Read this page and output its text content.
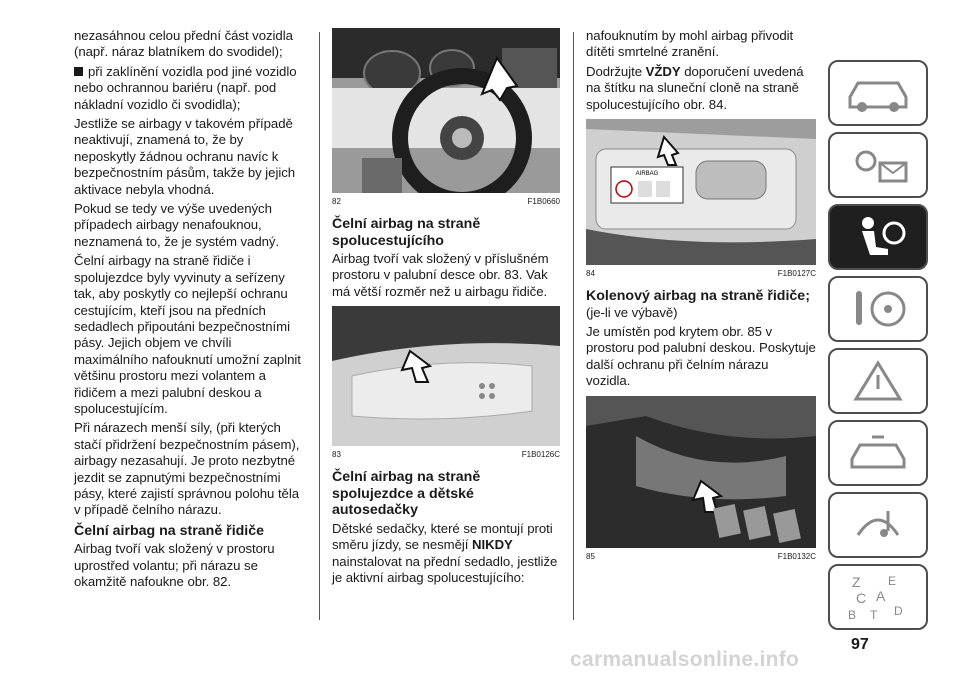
nezasáhnou celou přední část vozidla (např. náraz blatníkem do svodidel);

při zaklínění vozidla pod jiné vozidlo nebo ochrannou bariéru (např. pod nákladní vozidlo či svodidla);

Jestliže se airbagy v takovém případě neaktivují, znamená to, že by neposkytly žádnou ochranu navíc k bezpečnostním pásům, takže by jejich aktivace nebyla vhodná.

Pokud se tedy ve výše uvedených případech airbagy nenafouknou, neznamená to, že je systém vadný.

Čelní airbagy na straně řidiče i spolujezdce byly vyvinuty a seřízeny tak, aby poskytly co nejlepší ochranu cestujícím, kteří jsou na předních sedadlech připoutáni bezpečnostními pásy. Jejich objem ve chvíli maximálního nafouknutí umožní zaplnit většinu prostoru mezi volantem a řidičem a mezi palubní deskou a spolucestujícím.

Při nárazech menší síly, (při kterých stačí přidržení bezpečnostním pásem), airbagy nezasahují. Je proto nezbytné jezdit se zapnutými bezpečnostními pásy, které zajistí správnou polohu těla v případě čelního nárazu.

Čelní airbag na straně řidiče

Airbag tvoří vak složený v prostoru uprostřed volantu; při nárazu se okamžitě nafoukne obr. 82.

82	F1B0660
Čelní airbag na straně spolucestujícího

Airbag tvoří vak složený v příslušném prostoru v palubní desce obr. 83. Vak má větší rozměr než u airbagu řidiče.

83	F1B0126C
Čelní airbag na straně spolujezdce a dětské autosedačky

Dětské sedačky, které se montují proti směru jízdy, se nesmějí NIKDY nainstalovat na přední sedadlo, jestliže je aktivní airbag spolucestujícího:

nafouknutím by mohl airbag přivodit dítěti smrtelné zranění.

Dodržujte VŽDY doporučení uvedená na štítku na sluneční cloně na straně spolucestujícího obr. 84.

AIRBAG
84	F1B0127C
Kolenový airbag na straně řidiče;

(je-li ve výbavě)

Je umístěn pod krytem obr. 85 v prostoru pod palubní deskou. Poskytuje další ochranu při čelním nárazu vozidla.

85	F1B0132C
Z E
C A
B T D
97
carmanualsonline.info
